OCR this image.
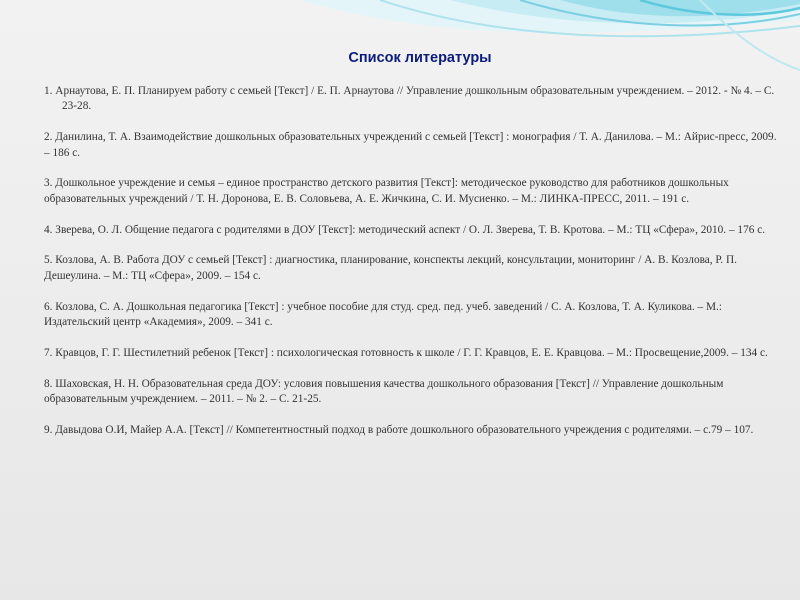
Список литературы
1. Арнаутова, Е. П. Планируем работу с семьей [Текст] / Е. П. Арнаутова // Управление дошкольным образовательным учреждением. – 2012. - № 4. – С. 23-28.
2. Данилина, Т. А. Взаимодействие дошкольных образовательных учреждений с семьей [Текст] : монография / Т. А. Данилова. – М.: Айрис-пресс, 2009. – 186 с.
3. Дошкольное учреждение и семья – единое пространство детского развития [Текст]: методическое руководство для работников дошкольных образовательных учреждений / Т. Н. Доронова, Е. В. Соловьева, А. Е. Жичкина, С. И. Мусиенко. – М.: ЛИНКА-ПРЕСС, 2011. – 191 с.
4. Зверева, О. Л. Общение педагога с родителями в ДОУ [Текст]: методический аспект / О. Л. Зверева, Т. В. Кротова. – М.: ТЦ «Сфера», 2010. – 176 с.
5. Козлова, А. В. Работа ДОУ с семьей [Текст] : диагностика, планирование, конспекты лекций, консультации, мониторинг / А. В. Козлова, Р. П. Дешеулина. – М.: ТЦ «Сфера», 2009. – 154 с.
6. Козлова, С. А. Дошкольная педагогика [Текст] : учебное пособие для студ. сред. пед. учеб. заведений / С. А. Козлова, Т. А. Куликова. – М.: Издательский центр «Академия», 2009. – 341 с.
7. Кравцов, Г. Г. Шестилетний ребенок [Текст] : психологическая готовность к школе / Г. Г. Кравцов, Е. Е. Кравцова. – М.: Просвещение,2009. – 134 с.
8. Шаховская, Н. Н. Образовательная среда ДОУ: условия повышения качества дошкольного образования [Текст] // Управление дошкольным образовательным учреждением. – 2011. – № 2. – С. 21-25.
9. Давыдова О.И, Майер А.А. [Текст] // Компетентностный подход в работе дошкольного образовательного учреждения с родителями. – с.79 – 107.
